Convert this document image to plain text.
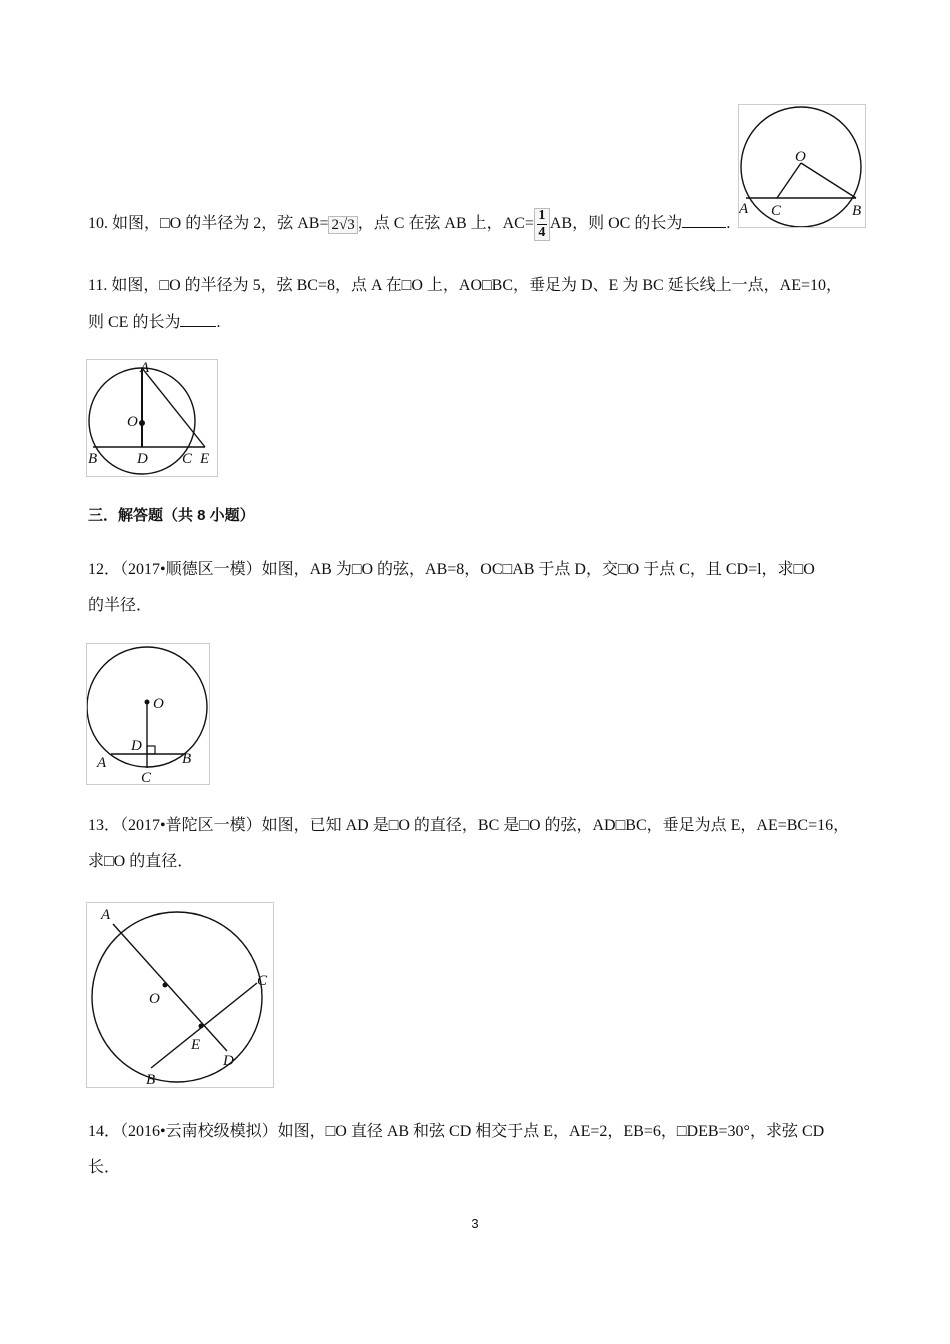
O
A C	B
10. 如图，□O 的半径为 2，弦 AB= 2√3 ，点 C 在弦 AB 上，$AC= \frac{1}{4}$ AB，则 OC 的长为	.
11. 如图，□O 的半径为 5，弦 BC=8，点 A 在□O 上，AO□BC，垂足为 D、E 为 BC 延长线上一点，AE=10，
则 CE 的长为 .
A
O
B	D C E
三．解答题（共 8 小题）
12．（2017•顺德区一模）如图，AB 为□O 的弦，AB=8，OC□AB 于点 D，交□O 于点 C，且 CD=l，求□O
的半径．
O
D
A
C
B
13．（2017•普陀区一模）如图，已知 AD 是□O 的直径，BC 是□O 的弦，AD□BC，垂足为点 E，AE=BC=16，
求□O 的直径．
A
O
C
E
D
B
14．（2016•云南校级模拟）如图，□O 直径 AB 和弦 CD 相交于点 E，AE=2，EB=6，□DEB=30°，求弦 CD
长．
3
